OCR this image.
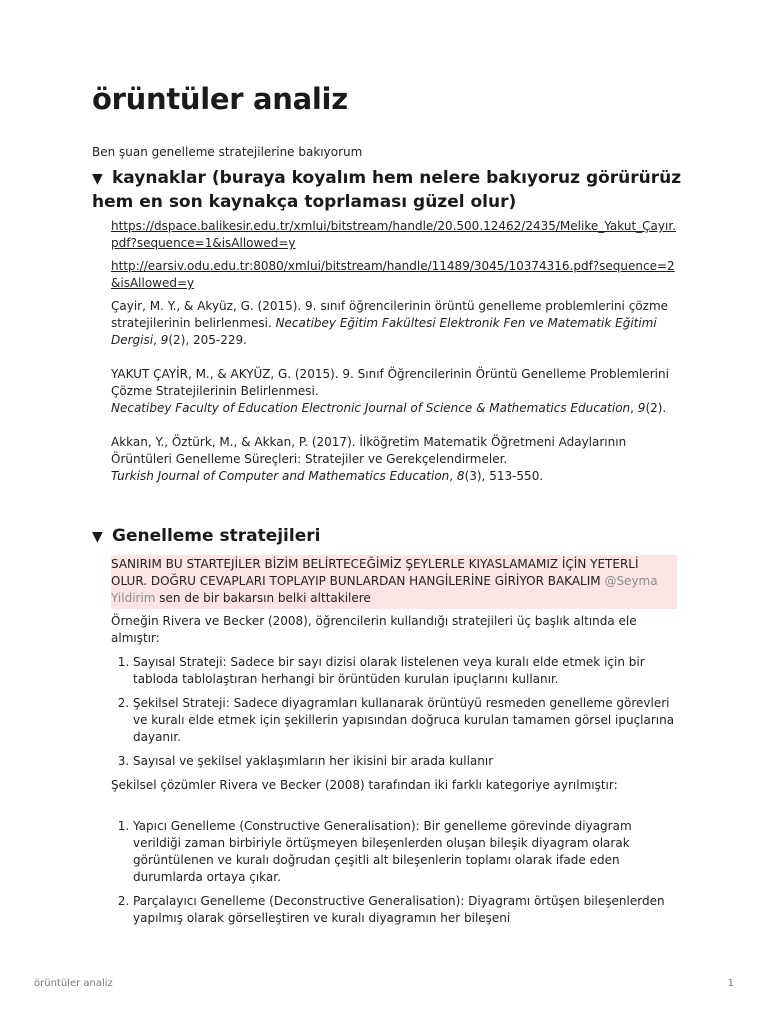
örüntüler analiz
Ben şuan genelleme stratejilerine bakıyorum
▼ kaynaklar (buraya koyalım hem nelere bakıyoruz görürürüz hem en son kaynakça toprlaması güzel olur)
https://dspace.balikesir.edu.tr/xmlui/bitstream/handle/20.500.12462/2435/Melike_Yakut_Çayır.pdf?sequence=1&isAllowed=y
http://earsiv.odu.edu.tr:8080/xmlui/bitstream/handle/11489/3045/10374316.pdf?sequence=2&isAllowed=y

Çayir, M. Y., & Akyüz, G. (2015). 9. sınıf öğrencilerinin örüntü genelleme problemlerini çözme stratejilerinin belirlenmesi. Necatibey Eğitim Fakültesi Elektronik Fen ve Matematik Eğitimi Dergisi, 9(2), 205-229.

YAKUT ÇAYİR, M., & AKYÜZ, G. (2015). 9. Sınıf Öğrencilerinin Örüntü Genelleme Problemlerini Çözme Stratejilerinin Belirlenmesi.
Necatibey Faculty of Education Electronic Journal of Science & Mathematics Education, 9(2).

Akkan, Y., Öztürk, M., & Akkan, P. (2017). İlköğretim Matematik Öğretmeni Adaylarının Örüntüleri Genelleme Süreçleri: Stratejiler ve Gerekçelendirmeler.
Turkish Journal of Computer and Mathematics Education, 8(3), 513-550.

▼ Genelleme stratejileri
SANIRIM BU STARTEJİLER BİZİM BELİRTECEĞİMİZ ŞEYLERLE KIYASLAMAMIZ İÇİN YETERLİ OLUR. DOĞRU CEVAPLARI TOPLAYIP BUNLARDAN HANGİLERİNE GİRİYOR BAKALIM @Seyma Yildirim sen de bir bakarsın belki alttakilere
Örneğin Rivera ve Becker (2008), öğrencilerin kullandığı stratejileri üç başlık altında ele almıştır:
1. Sayısal Strateji: Sadece bir sayı dizisi olarak listelenen veya kuralı elde etmek için bir tabloda tablolaştıran herhangi bir örüntüden kurulan ipuçlarını kullanır.
2. Şekilsel Strateji: Sadece diyagramları kullanarak örüntüyü resmeden genelleme görevleri ve kuralı elde etmek için şekillerin yapısından doğrucа kurulan tamamen görsel ipuçlarına dayanır.
3. Sayısal ve şekilsel yaklaşımların her ikisini bir arada kullanır
Şekilsel çözümler Rivera ve Becker (2008) tarafından iki farklı kategoriye ayrılmıştır:
1. Yapıcı Genelleme (Constructive Generalisation): Bir genelleme görevinde diyagram verildiği zaman birbiriyle örtüşmeyen bileşenlerden oluşan bileşik diyagram olarak görüntülenen ve kuralı doğrudan çeşitli alt bileşenlerin toplamı olarak ifade eden durumlarda ortaya çıkar.
2. Parçalayıcı Genelleme (Deconstructive Generalisation): Diyagramı örtüşen bileşenlerden yapılmış olarak görselleştiren ve kuralı diyagramın her bileşeni
örüntüler analiz	1
